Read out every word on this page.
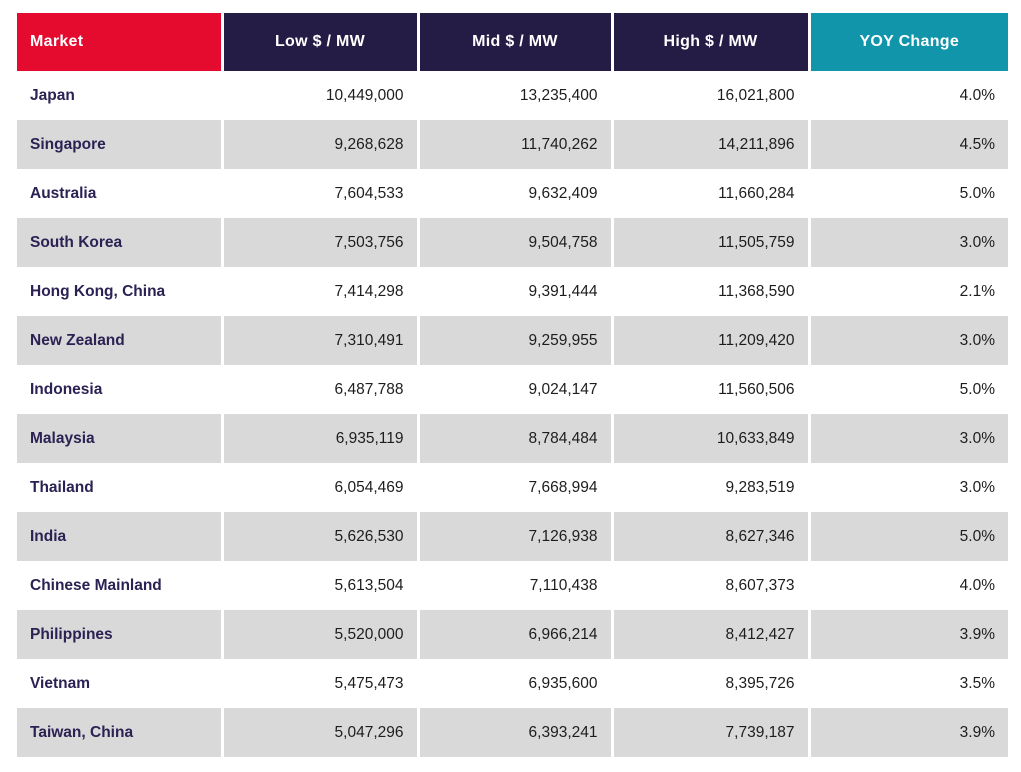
Market	Low $ / MW	Mid $ / MW	High $ / MW	YOY Change
Japan	10,449,000	13,235,400	16,021,800	4.0%
Singapore	9,268,628	11,740,262	14,211,896	4.5%
Australia	7,604,533	9,632,409	11,660,284	5.0%
South Korea	7,503,756	9,504,758	11,505,759	3.0%
Hong Kong, China	7,414,298	9,391,444	11,368,590	2.1%
New Zealand	7,310,491	9,259,955	11,209,420	3.0%
Indonesia	6,487,788	9,024,147	11,560,506	5.0%
Malaysia	6,935,119	8,784,484	10,633,849	3.0%
Thailand	6,054,469	7,668,994	9,283,519	3.0%
India	5,626,530	7,126,938	8,627,346	5.0%
Chinese Mainland	5,613,504	7,110,438	8,607,373	4.0%
Philippines	5,520,000	6,966,214	8,412,427	3.9%
Vietnam	5,475,473	6,935,600	8,395,726	3.5%
Taiwan, China	5,047,296	6,393,241	7,739,187	3.9%
